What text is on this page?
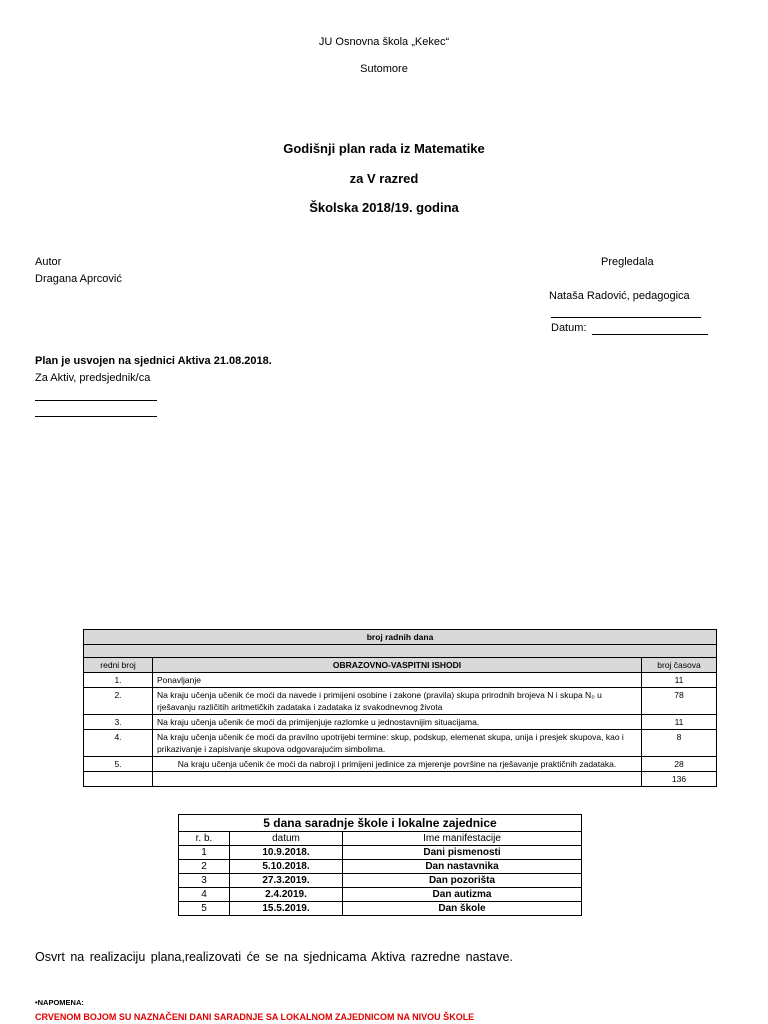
JU Osnovna škola „Kekec“
Sutomore
Godišnji plan rada iz Matematike
za V razred
Školska 2018/19. godina
Autor
Dragana Aprcović
Pregledala
Nataša Radović, pedagogica
Datum:
Plan je usvojen na sjednici Aktiva 21.08.2018.
Za Aktiv, predsjednik/ca
broj radnih dana		

redni broj	OBRAZOVNO-VASPITNI ISHODI	broj časova
1.	Ponavljanje	11
2.	Na kraju učenja učenik će moći da navede i primijeni osobine i zakone (pravila) skupa prirodnih brojeva N i skupa N₀ u rješavanju različitih aritmetičkih zadataka i zadataka iz svakodnevnog života	78
3.	Na kraju učenja učenik će moći da primijenjuje razlomke u jednostavnijim situacijama.	11
4.	Na kraju učenja učenik će moći da pravilno upotrijebi termine: skup, podskup, elemenat skupa, unija i presjek skupova, kao i prikazivanje i zapisivanje skupova odgovarajućim simbolima.	8
5.	Na kraju učenja učenik će moći da nabroji i primijeni jedinice za mjerenje površine na rješavanje praktičnih zadataka.	28
		136
5 dana saradnje škole i lokalne zajednice		
r. b.	datum	Ime manifestacije
1	10.9.2018.	Dani pismenosti
2	5.10.2018.	Dan nastavnika
3	27.3.2019.	Dan pozorišta
4	2.4.2019.	Dan autizma
5	15.5.2019.	Dan škole
Osvrt na realizaciju plana,realizovati će se na sjednicama Aktiva razredne nastave.
•NAPOMENA:
CRVENOM BOJOM SU NAZNAČENI DANI SARADNJE SA LOKALNOM ZAJEDNICOM NA NIVOU ŠKOLE
